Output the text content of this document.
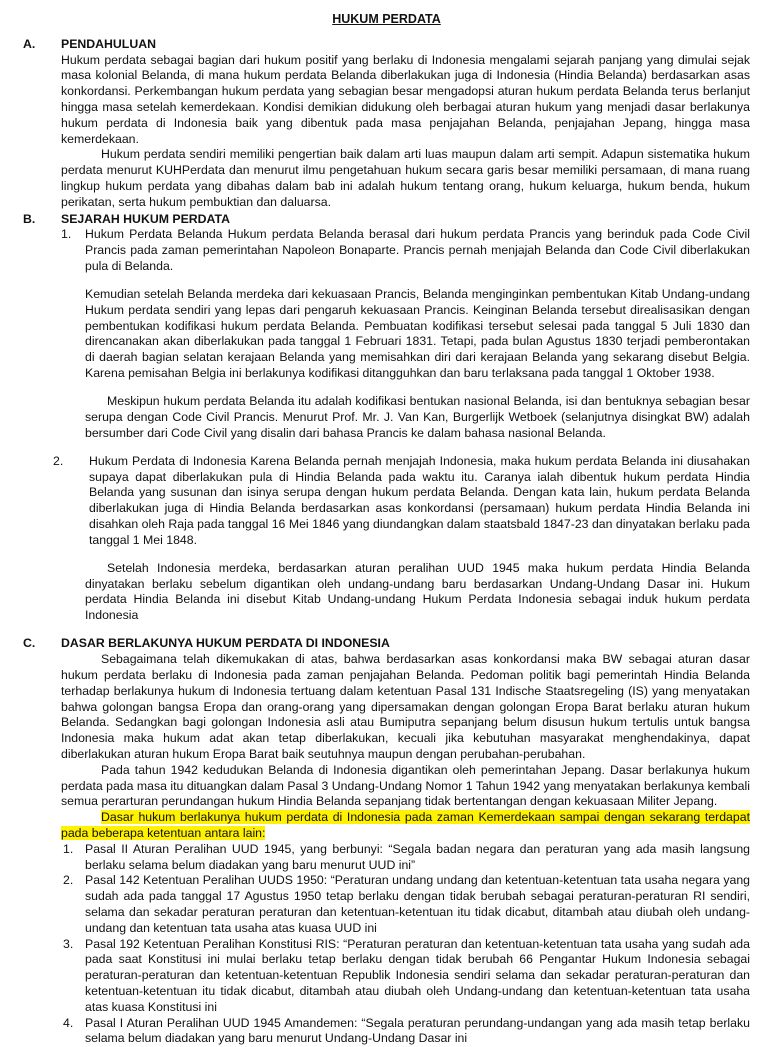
HUKUM PERDATA
A.	PENDAHULUAN

Hukum perdata sebagai bagian dari hukum positif yang berlaku di Indonesia mengalami sejarah panjang yang dimulai sejak masa kolonial Belanda, di mana hukum perdata Belanda diberlakukan juga di Indonesia (Hindia Belanda) berdasarkan asas konkordansi. Perkembangan hukum perdata yang sebagian besar mengadopsi aturan hukum perdata Belanda terus berlanjut hingga masa setelah kemerdekaan. Kondisi demikian didukung oleh berbagai aturan hukum yang menjadi dasar berlakunya hukum perdata di Indonesia baik yang dibentuk pada masa penjajahan Belanda, penjajahan Jepang, hingga masa kemerdekaan.

Hukum perdata sendiri memiliki pengertian baik dalam arti luas maupun dalam arti sempit. Adapun sistematika hukum perdata menurut KUHPerdata dan menurut ilmu pengetahuan hukum secara garis besar memiliki persamaan, di mana ruang lingkup hukum perdata yang dibahas dalam bab ini adalah hukum tentang orang, hukum keluarga, hukum benda, hukum perikatan, serta hukum pembuktian dan daluarsa.

B.	SEJARAH HUKUM PERDATA
1.	Hukum Perdata Belanda Hukum perdata Belanda berasal dari hukum perdata Prancis yang berinduk pada Code Civil Prancis pada zaman pemerintahan Napoleon Bonaparte. Prancis pernah menjajah Belanda dan Code Civil diberlakukan pula di Belanda.

Kemudian setelah Belanda merdeka dari kekuasaan Prancis, Belanda menginginkan pembentukan Kitab Undang-undang Hukum perdata sendiri yang lepas dari pengaruh kekuasaan Prancis. Keinginan Belanda tersebut direalisasikan dengan pembentukan kodifikasi hukum perdata Belanda. Pembuatan kodifikasi tersebut selesai pada tanggal 5 Juli 1830 dan direncanakan akan diberlakukan pada tanggal 1 Februari 1831. Tetapi, pada bulan Agustus 1830 terjadi pemberontakan di daerah bagian selatan kerajaan Belanda yang memisahkan diri dari kerajaan Belanda yang sekarang disebut Belgia. Karena pemisahan Belgia ini berlakunya kodifikasi ditangguhkan dan baru terlaksana pada tanggal 1 Oktober 1938.

Meskipun hukum perdata Belanda itu adalah kodifikasi bentukan nasional Belanda, isi dan bentuknya sebagian besar serupa dengan Code Civil Prancis. Menurut Prof. Mr. J. Van Kan, Burgerlijk Wetboek (selanjutnya disingkat BW) adalah bersumber dari Code Civil yang disalin dari bahasa Prancis ke dalam bahasa nasional Belanda.

2.	Hukum Perdata di Indonesia Karena Belanda pernah menjajah Indonesia, maka hukum perdata Belanda ini diusahakan supaya dapat diberlakukan pula di Hindia Belanda pada waktu itu. Caranya ialah dibentuk hukum perdata Hindia Belanda yang susunan dan isinya serupa dengan hukum perdata Belanda. Dengan kata lain, hukum perdata Belanda diberlakukan juga di Hindia Belanda berdasarkan asas konkordansi (persamaan) hukum perdata Hindia Belanda ini disahkan oleh Raja pada tanggal 16 Mei 1846 yang diundangkan dalam staatsbald 1847-23 dan dinyatakan berlaku pada tanggal 1 Mei 1848.

Setelah Indonesia merdeka, berdasarkan aturan peralihan UUD 1945 maka hukum perdata Hindia Belanda dinyatakan berlaku sebelum digantikan oleh undang-undang baru berdasarkan Undang-Undang Dasar ini. Hukum perdata Hindia Belanda ini disebut Kitab Undang-undang Hukum Perdata Indonesia sebagai induk hukum perdata Indonesia

C.	DASAR BERLAKUNYA HUKUM PERDATA DI INDONESIA

Sebagaimana telah dikemukakan di atas, bahwa berdasarkan asas konkordansi maka BW sebagai aturan dasar hukum perdata berlaku di Indonesia pada zaman penjajahan Belanda. Pedoman politik bagi pemerintah Hindia Belanda terhadap berlakunya hukum di Indonesia tertuang dalam ketentuan Pasal 131 Indische Staatsregeling (IS) yang menyatakan bahwa golongan bangsa Eropa dan orang-orang yang dipersamakan dengan golongan Eropa Barat berlaku aturan hukum Belanda. Sedangkan bagi golongan Indonesia asli atau Bumiputra sepanjang belum disusun hukum tertulis untuk bangsa Indonesia maka hukum adat akan tetap diberlakukan, kecuali jika kebutuhan masyarakat menghendakinya, dapat diberlakukan aturan hukum Eropa Barat baik seutuhnya maupun dengan perubahan-perubahan.

Pada tahun 1942 kedudukan Belanda di Indonesia digantikan oleh pemerintahan Jepang. Dasar berlakunya hukum perdata pada masa itu dituangkan dalam Pasal 3 Undang-Undang Nomor 1 Tahun 1942 yang menyatakan berlakunya kembali semua perarturan perundangan hukum Hindia Belanda sepanjang tidak bertentangan dengan kekuasaan Militer Jepang.

Dasar hukum berlakunya hukum perdata di Indonesia pada zaman Kemerdekaan sampai dengan sekarang terdapat pada beberapa ketentuan antara lain:

1. Pasal II Aturan Peralihan UUD 1945, yang berbunyi: “Segala badan negara dan peraturan yang ada masih langsung berlaku selama belum diadakan yang baru menurut UUD ini”
2. Pasal 142 Ketentuan Peralihan UUDS 1950: “Peraturan undang undang dan ketentuan-ketentuan tata usaha negara yang sudah ada pada tanggal 17 Agustus 1950 tetap berlaku dengan tidak berubah sebagai peraturan-peraturan RI sendiri, selama dan sekadar peraturan peraturan dan ketentuan-ketentuan itu tidak dicabut, ditambah atau diubah oleh undang-undang dan ketentuan tata usaha atas kuasa UUD ini
3. Pasal 192 Ketentuan Peralihan Konstitusi RIS: “Peraturan peraturan dan ketentuan-ketentuan tata usaha yang sudah ada pada saat Konstitusi ini mulai berlaku tetap berlaku dengan tidak berubah 66 Pengantar Hukum Indonesia sebagai peraturan-peraturan dan ketentuan-ketentuan Republik Indonesia sendiri selama dan sekadar peraturan-peraturan dan ketentuan-ketentuan itu tidak dicabut, ditambah atau diubah oleh Undang-undang dan ketentuan-ketentuan tata usaha atas kuasa Konstitusi ini
4. Pasal I Aturan Peralihan UUD 1945 Amandemen: “Segala peraturan perundang-undangan yang ada masih tetap berlaku selama belum diadakan yang baru menurut Undang-Undang Dasar ini
